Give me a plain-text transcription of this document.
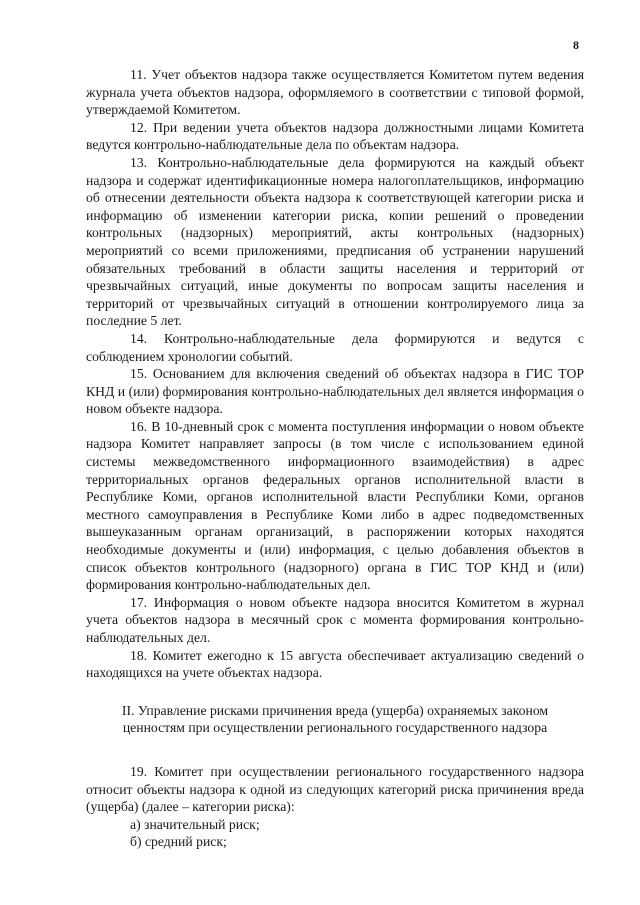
8

11. Учет объектов надзора также осуществляется Комитетом путем ведения журнала учета объектов надзора, оформляемого в соответствии с типовой формой, утверждаемой Комитетом.

12. При ведении учета объектов надзора должностными лицами Комитета ведутся контрольно-наблюдательные дела по объектам надзора.

13. Контрольно-наблюдательные дела формируются на каждый объект надзора и содержат идентификационные номера налогоплательщиков, информацию об отнесении деятельности объекта надзора к соответствующей категории риска и информацию об изменении категории риска, копии решений о проведении контрольных (надзорных) мероприятий, акты контрольных (надзорных) мероприятий со всеми приложениями, предписания об устранении нарушений обязательных требований в области защиты населения и территорий от чрезвычайных ситуаций, иные документы по вопросам защиты населения и территорий от чрезвычайных ситуаций в отношении контролируемого лица за последние 5 лет.

14. Контрольно-наблюдательные дела формируются и ведутся с соблюдением хронологии событий.

15. Основанием для включения сведений об объектах надзора в ГИС ТОР КНД и (или) формирования контрольно-наблюдательных дел является информация о новом объекте надзора.

16. В 10-дневный срок с момента поступления информации о новом объекте надзора Комитет направляет запросы (в том числе с использованием единой системы межведомственного информационного взаимодействия) в адрес территориальных органов федеральных органов исполнительной власти в Республике Коми, органов исполнительной власти Республики Коми, органов местного самоуправления в Республике Коми либо в адрес подведомственных вышеуказанным органам организаций, в распоряжении которых находятся необходимые документы и (или) информация, с целью добавления объектов в список объектов контрольного (надзорного) органа в ГИС ТОР КНД и (или) формирования контрольно-наблюдательных дел.

17. Информация о новом объекте надзора вносится Комитетом в журнал учета объектов надзора в месячный срок с момента формирования контрольно-наблюдательных дел.

18. Комитет ежегодно к 15 августа обеспечивает актуализацию сведений о находящихся на учете объектах надзора.

II. Управление рисками причинения вреда (ущерба) охраняемых законом ценностям при осуществлении регионального государственного надзора

19. Комитет при осуществлении регионального государственного надзора относит объекты надзора к одной из следующих категорий риска причинения вреда (ущерба) (далее – категории риска):

а) значительный риск;

б) средний риск;
